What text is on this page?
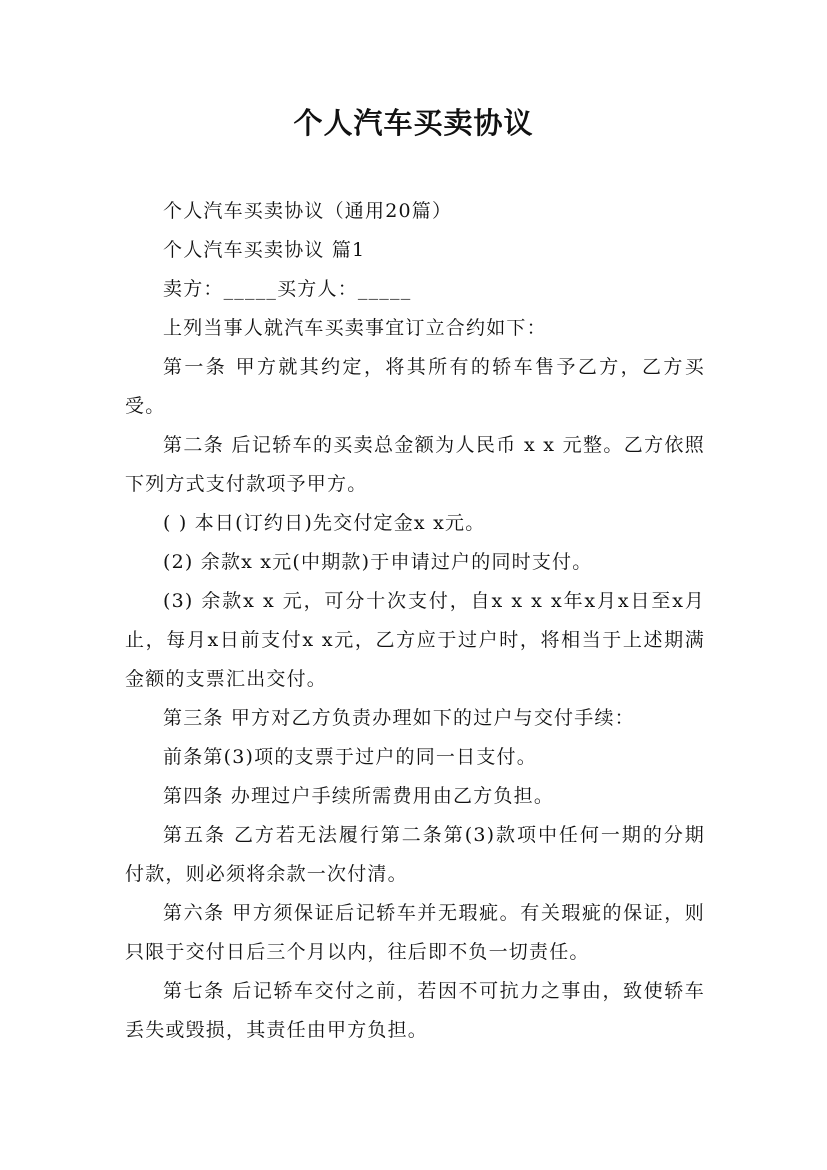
个人汽车买卖协议

个人汽车买卖协议（通用20篇）

个人汽车买卖协议 篇1

卖方：_____买方人：_____

上列当事人就汽车买卖事宜订立合约如下：

第一条 甲方就其约定，将其所有的轿车售予乙方，乙方买受。

第二条 后记轿车的买卖总金额为人民币 x x 元整。乙方依照下列方式支付款项予甲方。

( ) 本日(订约日)先交付定金x x元。

(2) 余款x x元(中期款)于申请过户的同时支付。

(3) 余款x x 元，可分十次支付，自x x x x年x月x日至x月止，每月x日前支付x x元，乙方应于过户时，将相当于上述期满金额的支票汇出交付。

第三条 甲方对乙方负责办理如下的过户与交付手续：

前条第(3)项的支票于过户的同一日支付。

第四条 办理过户手续所需费用由乙方负担。

第五条 乙方若无法履行第二条第(3)款项中任何一期的分期付款，则必须将余款一次付清。

第六条 甲方须保证后记轿车并无瑕疵。有关瑕疵的保证，则只限于交付日后三个月以内，往后即不负一切责任。

第七条 后记轿车交付之前，若因不可抗力之事由，致使轿车丢失或毁损，其责任由甲方负担。
